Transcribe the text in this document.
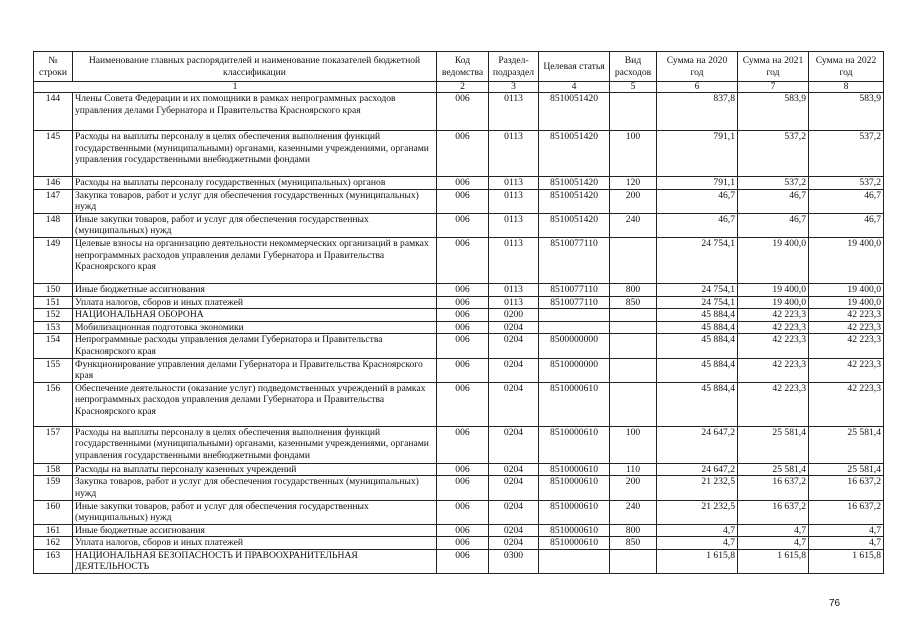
№ строки	Наименование главных распорядителей и наименование показателей бюджетной классификации	Код ведомства	Раздел-подраздел	Целевая статья	Вид расходов	Сумма на 2020 год	Сумма на 2021 год	Сумма на 2022 год
1		2	3	4	5	6	7	8
144	Члены Совета Федерации и их помощники в рамках непрограммных расходов управления делами Губернатора и Правительства Красноярского края	006	0113	8510051420		837,8	583,9	583,9
145	Расходы на выплаты персоналу в целях обеспечения выполнения функций государственными (муниципальными) органами, казенными учреждениями, органами управления государственными внебюджетными фондами	006	0113	8510051420	100	791,1	537,2	537,2
146	Расходы на выплаты персоналу государственных (муниципальных) органов	006	0113	8510051420	120	791,1	537,2	537,2
147	Закупка товаров, работ и услуг для обеспечения государственных (муниципальных) нужд	006	0113	8510051420	200	46,7	46,7	46,7
148	Иные закупки товаров, работ и услуг для обеспечения государственных (муниципальных) нужд	006	0113	8510051420	240	46,7	46,7	46,7
149	Целевые взносы на организацию деятельности некоммерческих организаций в рамках непрограммных расходов управления делами Губернатора и Правительства Красноярского края	006	0113	8510077110		24 754,1	19 400,0	19 400,0
150	Иные бюджетные ассигнования	006	0113	8510077110	800	24 754,1	19 400,0	19 400,0
151	Уплата налогов, сборов и иных платежей	006	0113	8510077110	850	24 754,1	19 400,0	19 400,0
152	НАЦИОНАЛЬНАЯ ОБОРОНА	006	0200			45 884,4	42 223,3	42 223,3
153	Мобилизационная подготовка экономики	006	0204			45 884,4	42 223,3	42 223,3
154	Непрограммные расходы управления делами Губернатора и Правительства Красноярского края	006	0204	8500000000		45 884,4	42 223,3	42 223,3
155	Функционирование управления делами Губернатора и Правительства Красноярского края	006	0204	8510000000		45 884,4	42 223,3	42 223,3
156	Обеспечение деятельности (оказание услуг) подведомственных учреждений в рамках непрограммных расходов управления делами Губернатора и Правительства Красноярского края	006	0204	8510000610		45 884,4	42 223,3	42 223,3
157	Расходы на выплаты персоналу в целях обеспечения выполнения функций государственными (муниципальными) органами, казенными учреждениями, органами управления государственными внебюджетными фондами	006	0204	8510000610	100	24 647,2	25 581,4	25 581,4
158	Расходы на выплаты персоналу казенных учреждений	006	0204	8510000610	110	24 647,2	25 581,4	25 581,4
159	Закупка товаров, работ и услуг для обеспечения государственных (муниципальных) нужд	006	0204	8510000610	200	21 232,5	16 637,2	16 637,2
160	Иные закупки товаров, работ и услуг для обеспечения государственных (муниципальных) нужд	006	0204	8510000610	240	21 232,5	16 637,2	16 637,2
161	Иные бюджетные ассигнования	006	0204	8510000610	800	4,7	4,7	4,7
162	Уплата налогов, сборов и иных платежей	006	0204	8510000610	850	4,7	4,7	4,7
163	НАЦИОНАЛЬНАЯ БЕЗОПАСНОСТЬ И ПРАВООХРАНИТЕЛЬНАЯ ДЕЯТЕЛЬНОСТЬ	006	0300			1 615,8	1 615,8	1 615,8
76
